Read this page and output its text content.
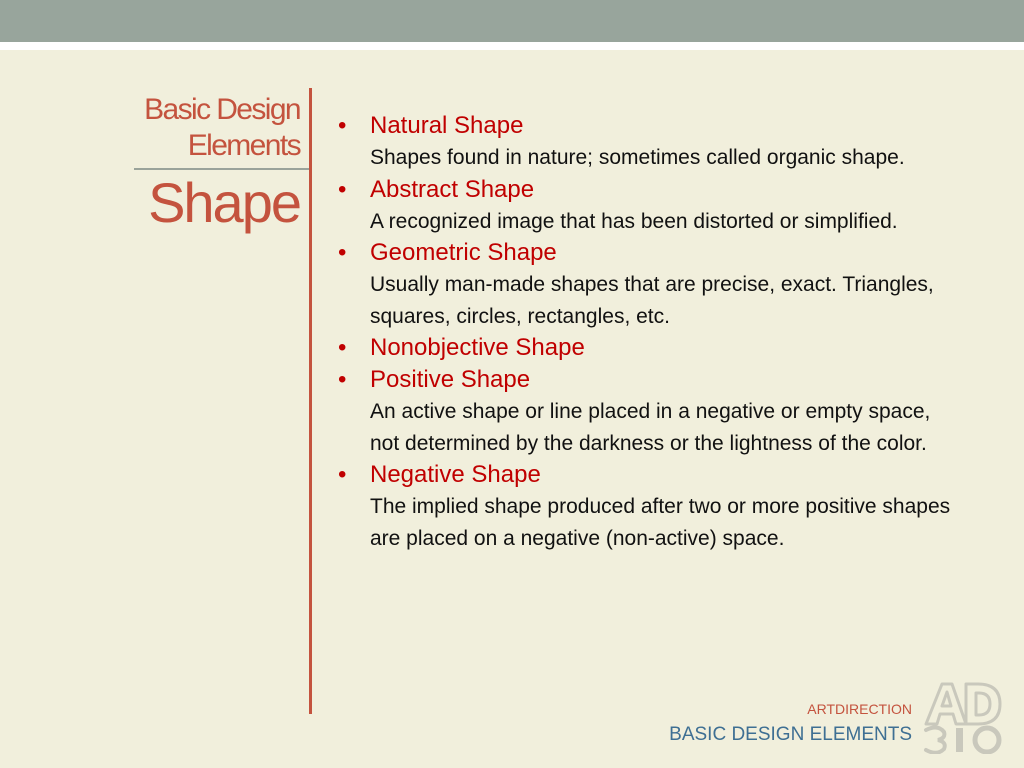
Basic Design
Elements
Shape
• Natural Shape
Shapes found in nature; sometimes called organic shape.
• Abstract Shape
A recognized image that has been distorted or simplified.
• Geometric Shape
Usually man-made shapes that are precise, exact. Triangles, squares, circles, rectangles, etc.
• Nonobjective Shape
• Positive Shape
An active shape or line placed in a negative or empty space, not determined by the darkness or the lightness of the color.
• Negative Shape
The implied shape produced after two or more positive shapes are placed on a negative (non-active) space.
ARTDIRECTION
BASIC DESIGN ELEMENTS
